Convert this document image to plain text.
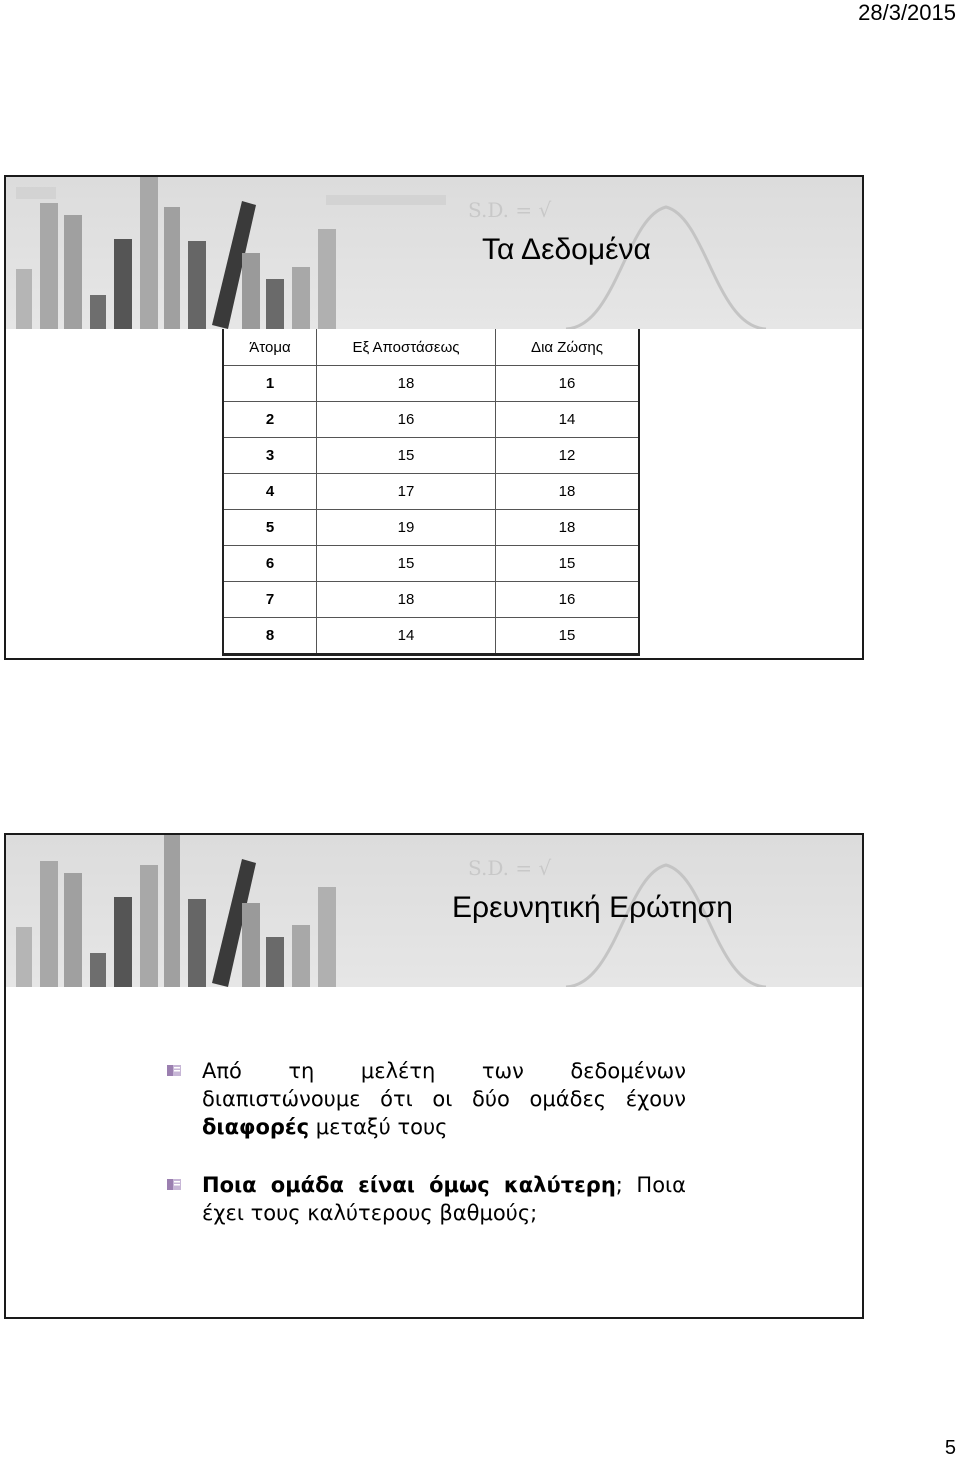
28/3/2015
S.D. = √
Τα Δεδομένα
Άτομα	Εξ Αποστάσεως	Δια Ζώσης
1	18	16
2	16	14
3	15	12
4	17	18
5	19	18
6	15	15
7	18	16
8	14	15
S.D. = √
Ερευνητική Ερώτηση
Από τη μελέτη των δεδομένων διαπιστώνουμε ότι οι δύο ομάδες έχουν διαφορές μεταξύ τους
Ποια ομάδα είναι όμως καλύτερη; Ποια έχει τους καλύτερους βαθμούς;
5
